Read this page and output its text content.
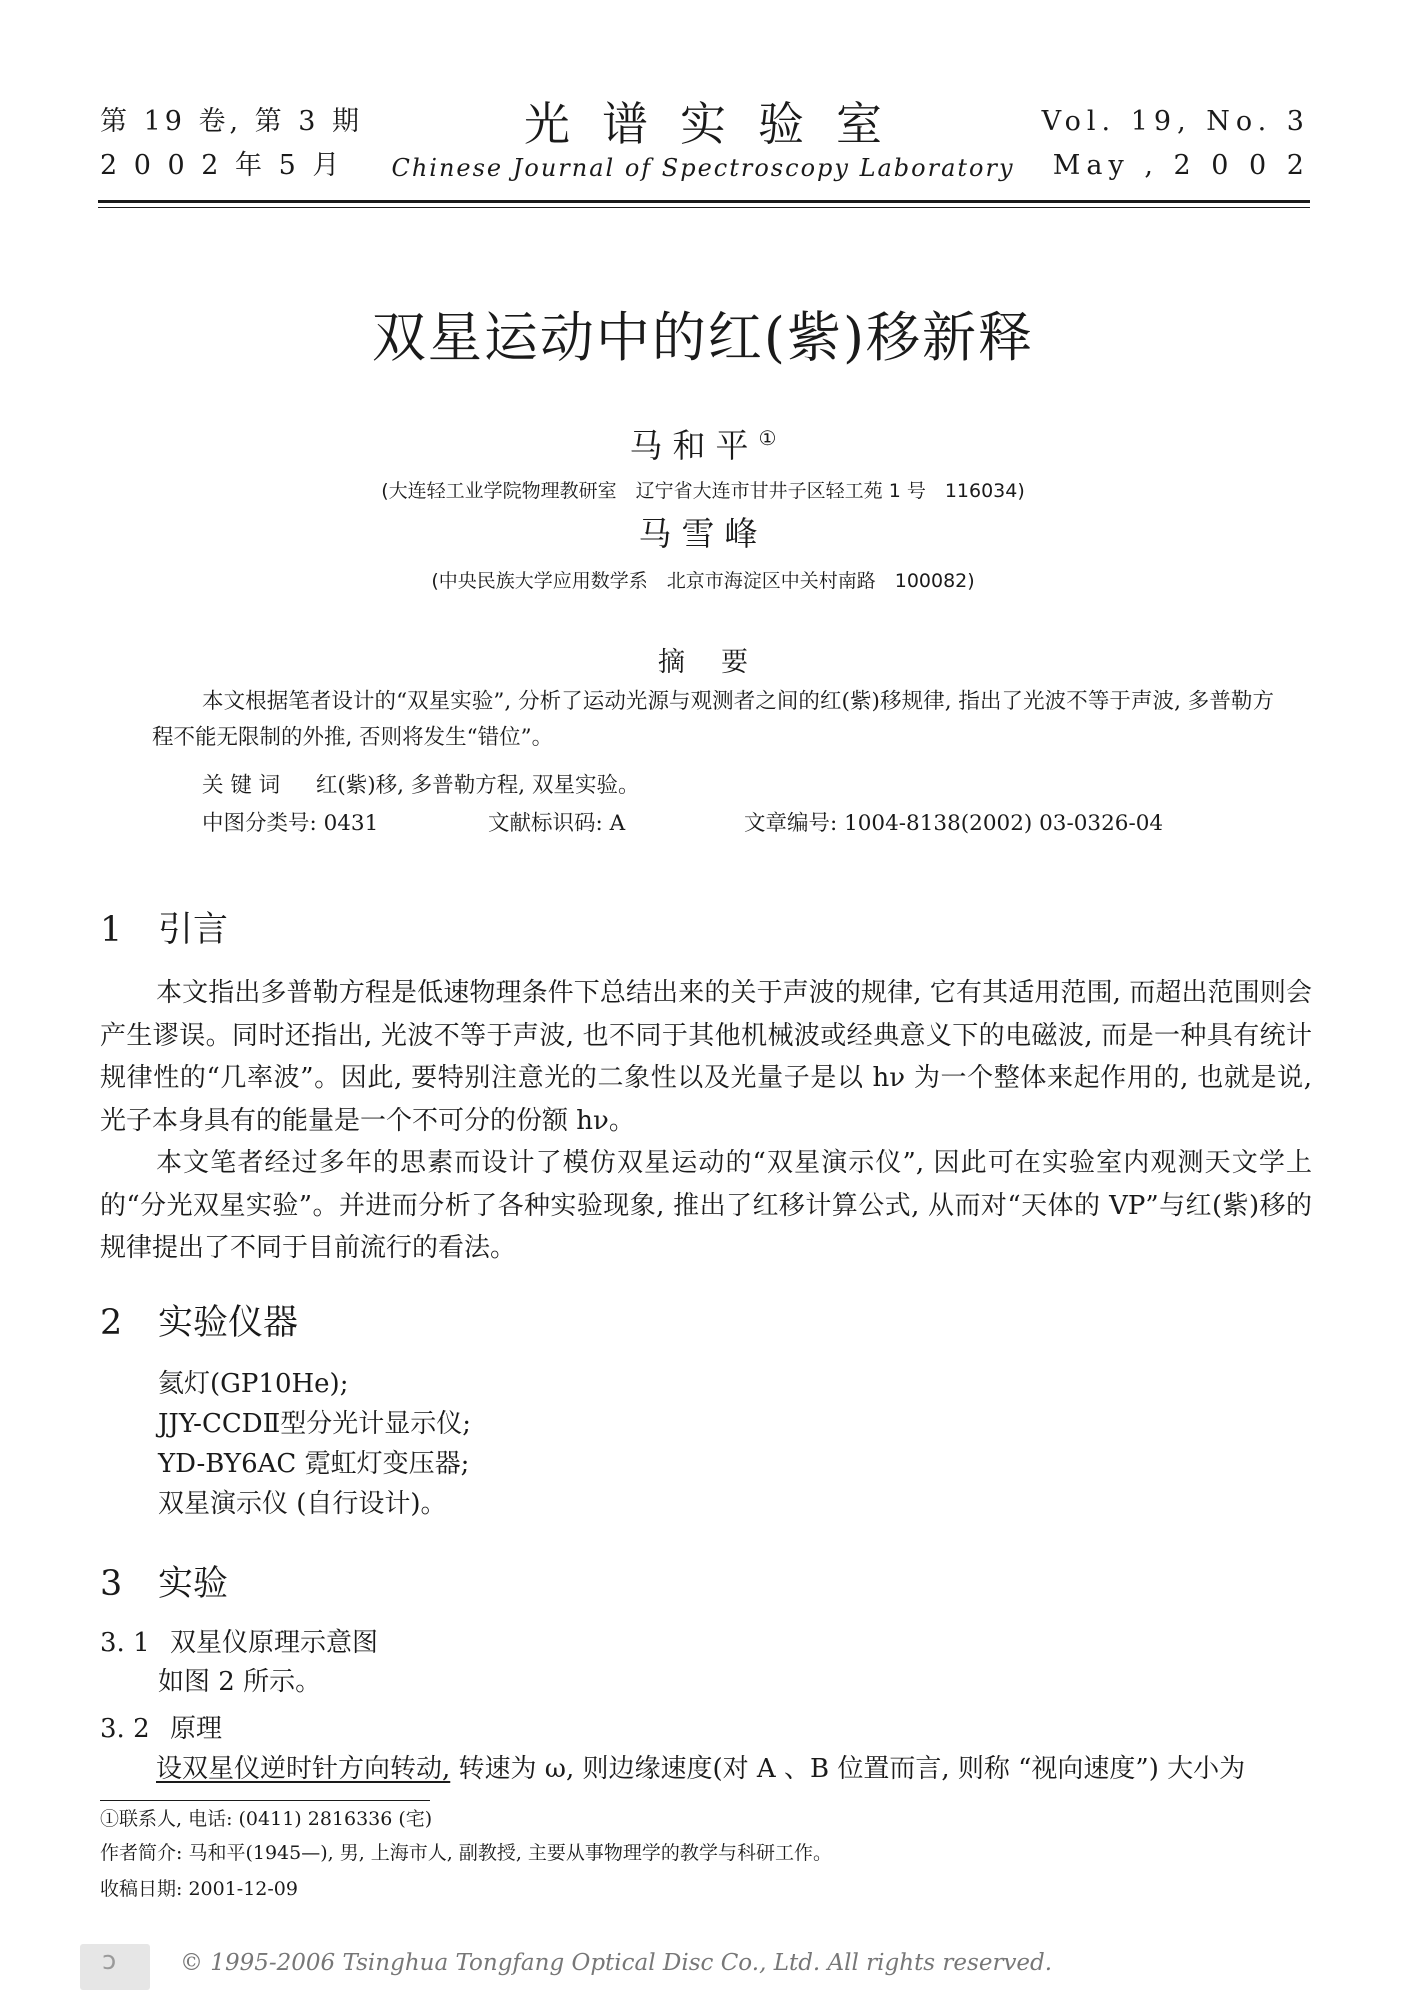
第 19 卷, 第 3 期
2 0 0 2 年 5 月
光谱实验室
Chinese Journal of Spectroscopy Laboratory
Vol. 19, No. 3
May , 2 0 0 2
双星运动中的红(紫)移新释
马和平①
(大连轻工业学院物理教研室　辽宁省大连市甘井子区轻工苑 1 号　116034)
马雪峰
(中央民族大学应用数学系　北京市海淀区中关村南路　100082)
摘要
本文根据笔者设计的“双星实验”, 分析了运动光源与观测者之间的红(紫)移规律, 指出了光波不等于声波, 多普勒方程不能无限制的外推, 否则将发生“错位”。
关 键 词 红(紫)移, 多普勒方程, 双星实验。
中图分类号: 0431	文献标识码: A	文章编号: 1004-8138(2002) 03-0326-04
1 引言
本文指出多普勒方程是低速物理条件下总结出来的关于声波的规律, 它有其适用范围, 而超出范围则会产生谬误。同时还指出, 光波不等于声波, 也不同于其他机械波或经典意义下的电磁波, 而是一种具有统计规律性的“几率波”。因此, 要特别注意光的二象性以及光量子是以 hν 为一个整体来起作用的, 也就是说, 光子本身具有的能量是一个不可分的份额 hν。
本文笔者经过多年的思素而设计了模仿双星运动的“双星演示仪”, 因此可在实验室内观测天文学上的“分光双星实验”。并进而分析了各种实验现象, 推出了红移计算公式, 从而对“天体的 VP”与红(紫)移的规律提出了不同于目前流行的看法。
2 实验仪器
氦灯(GP10He);
JJY-CCDⅡ型分光计显示仪;
YD-BY6AC 霓虹灯变压器;
双星演示仪 (自行设计)。
3 实验
3. 1 双星仪原理示意图
如图 2 所示。
3. 2 原理
设双星仪逆时针方向转动, 转速为 ω, 则边缘速度(对 A 、B 位置而言, 则称 “视向速度”) 大小为
①联系人, 电话: (0411) 2816336 (宅)
作者简介: 马和平(1945—), 男, 上海市人, 副教授, 主要从事物理学的教学与科研工作。
收稿日期: 2001-12-09
ↄ	© 1995-2006 Tsinghua Tongfang Optical Disc Co., Ltd. All rights reserved.
